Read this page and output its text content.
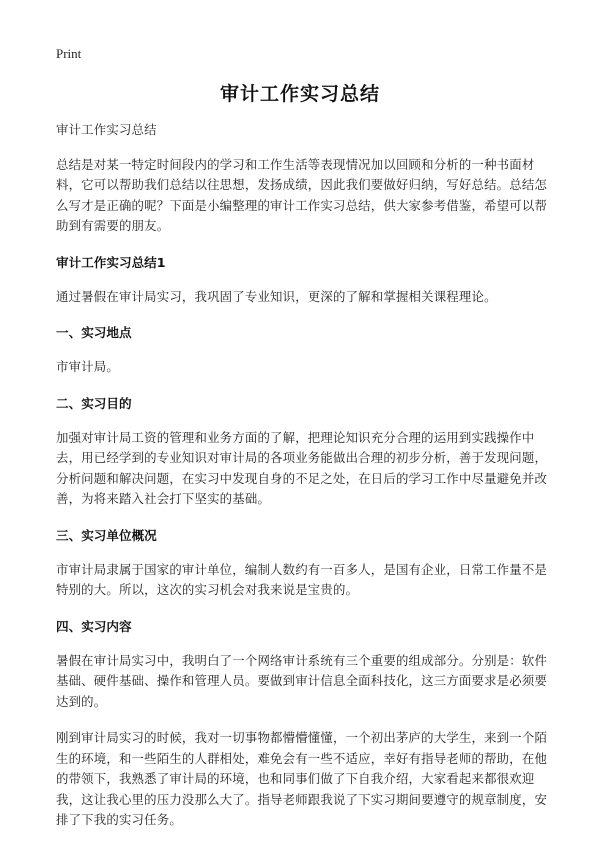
Print
审计工作实习总结

审计工作实习总结

总结是对某一特定时间段内的学习和工作生活等表现情况加以回顾和分析的一种书面材料，它可以帮助我们总结以往思想，发扬成绩，因此我们要做好归纳，写好总结。总结怎么写才是正确的呢？下面是小编整理的审计工作实习总结，供大家参考借鉴，希望可以帮助到有需要的朋友。

审计工作实习总结1

通过暑假在审计局实习，我巩固了专业知识，更深的了解和掌握相关课程理论。

一、实习地点

市审计局。

二、实习目的

加强对审计局工资的管理和业务方面的了解，把理论知识充分合理的运用到实践操作中去，用已经学到的专业知识对审计局的各项业务能做出合理的初步分析，善于发现问题，分析问题和解决问题，在实习中发现自身的不足之处，在日后的学习工作中尽量避免并改善，为将来踏入社会打下坚实的基础。

三、实习单位概况

市审计局隶属于国家的审计单位，编制人数约有一百多人，是国有企业，日常工作量不是特别的大。所以，这次的实习机会对我来说是宝贵的。

四、实习内容

暑假在审计局实习中，我明白了一个网络审计系统有三个重要的组成部分。分别是：软件基础、硬件基础、操作和管理人员。要做到审计信息全面科技化，这三方面要求是必须要达到的。

刚到审计局实习的时候，我对一切事物都懵懵懂懂，一个初出茅庐的大学生，来到一个陌生的环境，和一些陌生的人群相处，难免会有一些不适应，幸好有指导老师的帮助，在他的带领下，我熟悉了审计局的环境，也和同事们做了下自我介绍，大家看起来都很欢迎我，这让我心里的压力没那么大了。指导老师跟我说了下实习期间要遵守的规章制度，安排了下我的实习任务。
